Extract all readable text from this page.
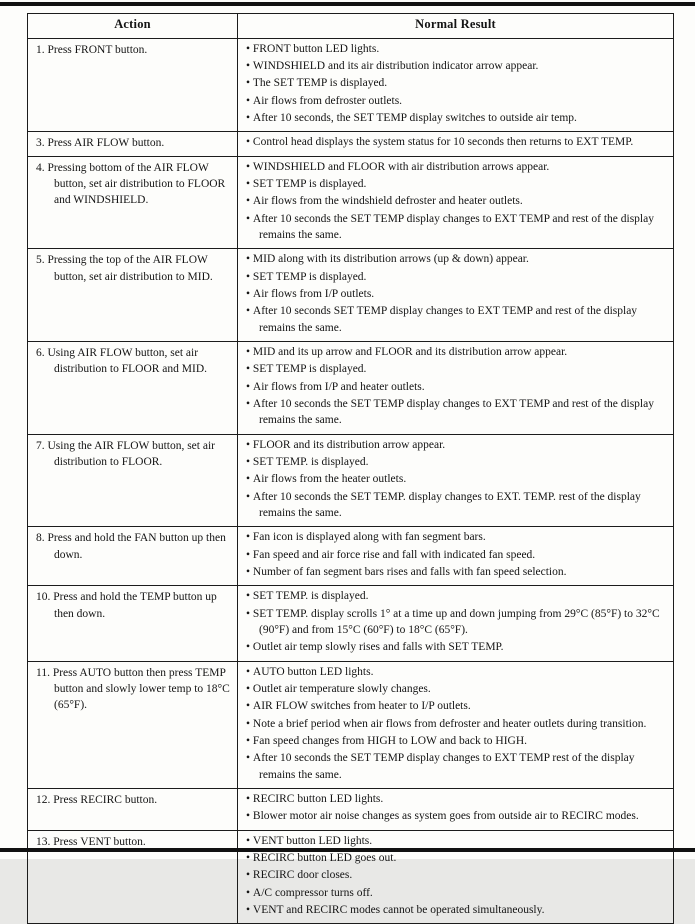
Action	Normal Result

1. Press FRONT button.

•FRONT button LED lights.
• WINDSHIELD and its air distribution indicator arrow appear.
• The SET TEMP is displayed.
• Air flows from defroster outlets.
• After 10 seconds, the SET TEMP display switches to outside air temp.

3. Press AIR FLOW button.

•Control head displays the system status for 10 seconds then returns to EXT TEMP.

4. Pressing bottom of the AIR FLOW button, set air distribution to FLOOR and WINDSHIELD.

• WINDSHIELD and FLOOR with air distribution arrows appear.
• SET TEMP is displayed.
• Air flows from the windshield defroster and heater outlets.
• After 10 seconds the SET TEMP display changes to EXT TEMP and rest of the display remains the same.

5. Pressing the top of the AIR FLOW button, set air distribution to MID.

• MID along with its distribution arrows (up & down) appear.
• SET TEMP is displayed.
• Air flows from I/P outlets.
• After 10 seconds SET TEMP display changes to EXT TEMP and rest of the display remains the same.

6. Using AIR FLOW button, set air distribution to FLOOR and MID.

• MID and its up arrow and FLOOR and its distribution arrow appear.
• SET TEMP is displayed.
• Air flows from I/P and heater outlets.
• After 10 seconds the SET TEMP display changes to EXT TEMP and rest of the display remains the same.

7. Using the AIR FLOW button, set air distribution to FLOOR.

• FLOOR and its distribution arrow appear.
• SET TEMP. is displayed.
• Air flows from the heater outlets.
• After 10 seconds the SET TEMP. display changes to EXT. TEMP. rest of the display remains the same.

8. Press and hold the FAN button up then down.

• Fan icon is displayed along with fan segment bars.
• Fan speed and air force rise and fall with indicated fan speed.
• Number of fan segment bars rises and falls with fan speed selection.

10. Press and hold the TEMP button up then down.

• SET TEMP. is displayed.
• SET TEMP. display scrolls 1° at a time up and down jumping from 29°C (85°F) to 32°C (90°F) and from 15°C (60°F) to 18°C (65°F).
• Outlet air temp slowly rises and falls with SET TEMP.

11. Press AUTO button then press TEMP button and slowly lower temp to 18°C (65°F).

• AUTO button LED lights.
• Outlet air temperature slowly changes.
• AIR FLOW switches from heater to I/P outlets.
• Note a brief period when air flows from defroster and heater outlets during transition.
• Fan speed changes from HIGH to LOW and back to HIGH.
• After 10 seconds the SET TEMP display changes to EXT TEMP rest of the display remains the same.

12. Press RECIRC button.

•RECIRC button LED lights.
• Blower motor air noise changes as system goes from outside air to RECIRC modes.

13. Press VENT button.

•VENT button LED lights.
• RECIRC button LED goes out.
• RECIRC door closes.
• A/C compressor turns off.
• VENT and RECIRC modes cannot be operated simultaneously.
